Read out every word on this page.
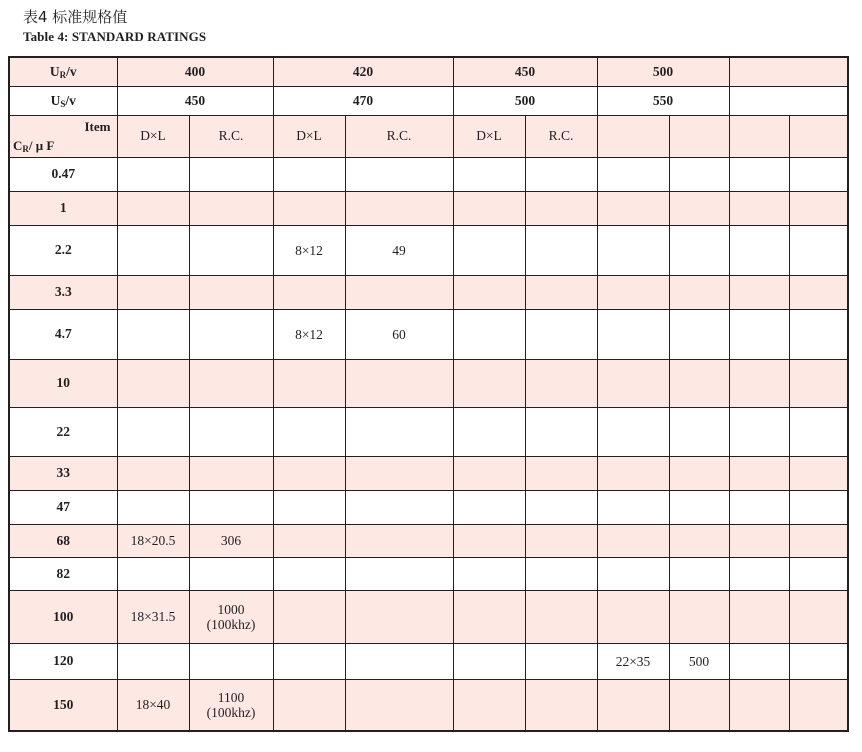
表4 标准规格值
Table 4: STANDARD RATINGS
UR/v	400		420		450		500			
US/v	450		470		500		550			

Item
CR/ μ F	D×L	R.C.	D×L	R.C.	D×L	R.C.				
0.47										
1										
2.2			8×12	49						
3.3										
4.7			8×12	60						
10										
22										
33										
47										
68	18×20.5	306								
82										
100	18×31.5	1000
(100khz)								
120							22×35	500		
150	18×40	1100
(100khz)								
